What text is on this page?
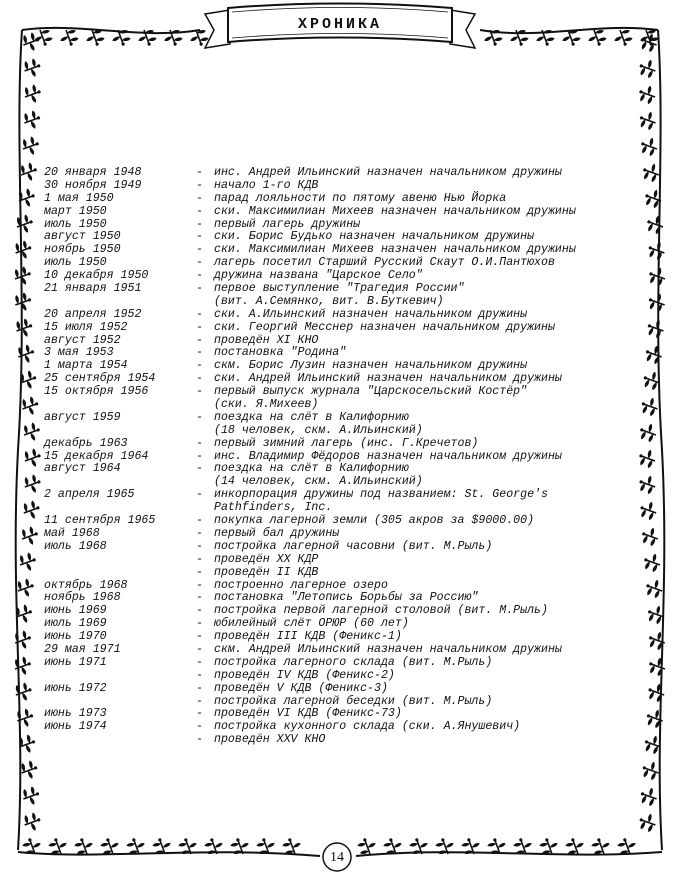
ХРОНИКА
20 января 1948	- инс. Андрей Ильинский назначен начальником дружины
30 ноября 1949	- начало 1-го КДВ
1 мая 1950	- парад лояльности по пятому авеню Нью Йорка
март 1950	- ски. Максимилиан Михеев назначен начальником дружины
июль 1950	- первый лагерь дружины
август 1950	- ски. Борис Будько назначен начальником дружины
ноябрь 1950	- ски. Максимилиан Михеев назначен начальником дружины
июль 1950	- лагерь посетил Старший Русский Скаут О.И.Пантюхов
10 декабря 1950	- дружина названа "Царское Село"
21 января 1951	- первое выступление "Трагедия России"
(вит. А.Семянко, вит. В.Буткевич)
20 апреля 1952	- ски. А.Ильинский назначен начальником дружины
15 июля 1952	- ски. Георгий Месснер назначен начальником дружины
август 1952	- проведён XI КНО
3 мая 1953	- постановка "Родина"
1 марта 1954	- скм. Борис Лузин назначен начальником дружины
25 сентября 1954	- ски. Андрей Ильинский назначен начальником дружины
15 октября 1956	- первый выпуск журнала "Царскосельский Костёр"
(ски. Я.Михеев)
август 1959	- поездка на слёт в Калифорнию
(18 человек, скм. А.Ильинский)
декабрь 1963	- первый зимний лагерь (инс. Г.Кречетов)
15 декабря 1964	- инс. Владимир Фёдоров назначен начальником дружины
август 1964	- поездка на слёт в Калифорнию
(14 человек, скм. А.Ильинский)
2 апреля 1965	- инкорпорация дружины под названием: St. George's
Pathfinders, Inc.
11 сентября 1965	- покупка лагерной земли (305 акров за $9000.00)
май 1968	- первый бал дружины
июль 1968	- постройка лагерной часовни (вит. М.Рыль)
- проведён XX КДР
- проведён II КДВ
октябрь 1968	- построенно лагерное озеро
ноябрь 1968	- постановка "Летопись Борьбы за Россию"
июнь 1969	- постройка первой лагерной столовой (вит. М.Рыль)
июль 1969	- юбилейный слёт ОРЮР (60 лет)
июнь 1970	- проведён III КДВ (Феникс-1)
29 мая 1971	- скм. Андрей Ильинский назначен начальником дружины
июнь 1971	- постройка лагерного склада (вит. М.Рыль)
- проведён IV КДВ (Феникс-2)
июнь 1972	- проведён V КДВ (Феникс-3)
- постройка лагерной беседки (вит. М.Рыль)
июнь 1973	- проведён VI КДВ (Феникс-73)
июнь 1974	- постройка кухонного склада (ски. А.Янушевич)
- проведён XXV КНО
14
